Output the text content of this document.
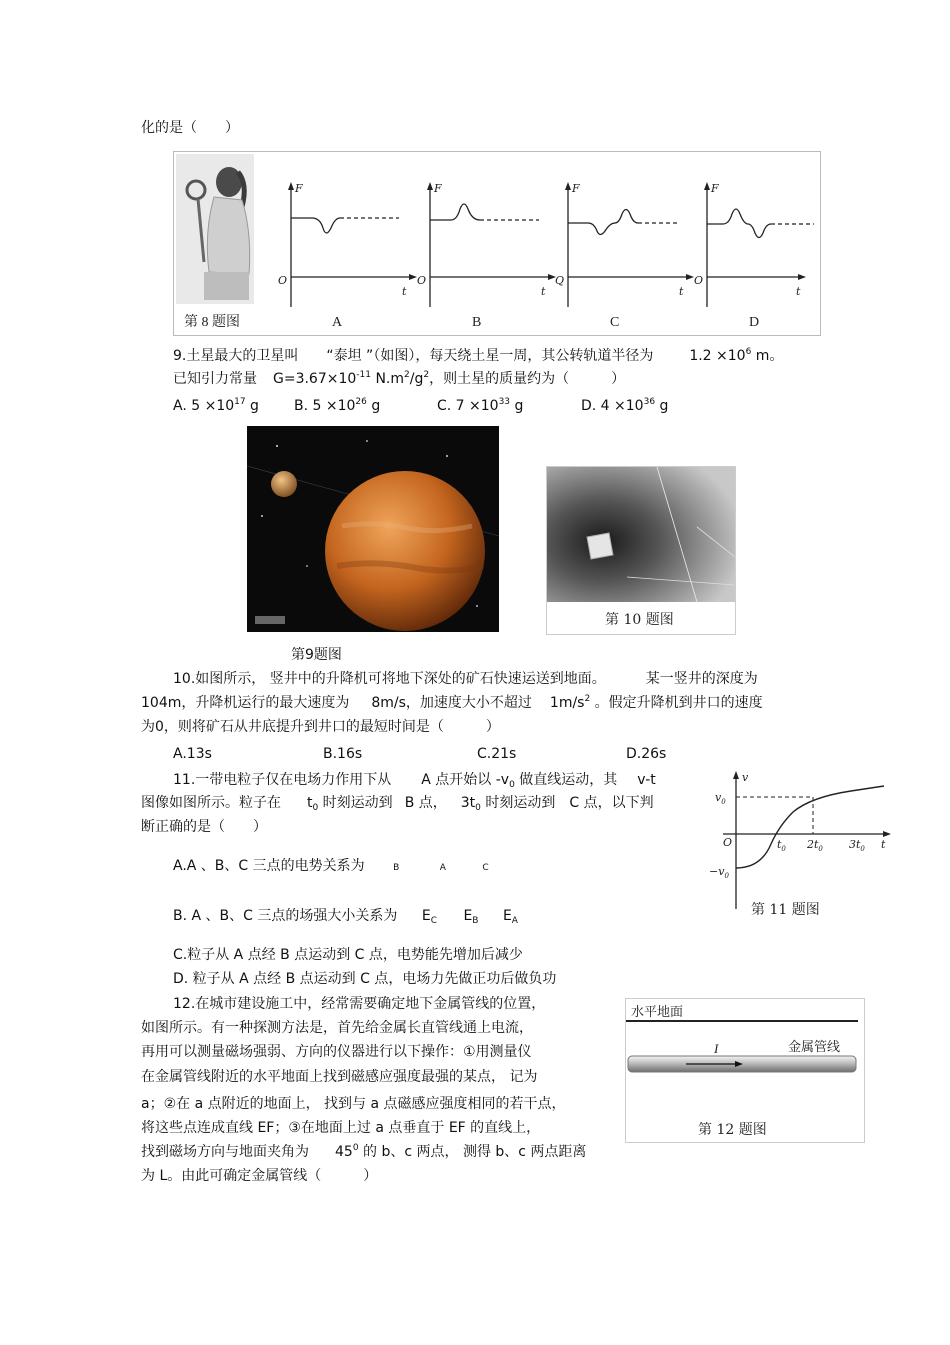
化的是（　　）
第 8 题图
F
O
t
F
O
t
F
Q
t
F
O
t
A	B	C	D
9.土星最大的卫星叫 “泰坦 ”（如图），每天绕土星一周，其公转轨道半径为	$1.2 \times 10^6$ m。
已知引力常量 $G=3.67\times 10^{-11}$ $N.m^2/g^2$，则土星的质量约为（　　　）
A. $5 \times 10^{17}$ g	B. $5 \times 10^{26}$ g	C. $7 \times 10^{33}$ g	D. $4 \times 10^{36}$ g
第9题图
第 10 题图
10.如图所示， 竖井中的升降机可将地下深处的矿石快速运送到地面。	某一竖井的深度为
104m，升降机运行的最大速度为 8m/s，加速度大小不超过 $1m/s^2$ 。假定升降机到井口的速度
为0，则将矿石从井底提升到井口的最短时间是（　　　）
A.13s	B.16s	C.21s	D.26s
11.一带电粒子仅在电场力作用下从 A 点开始以 $-v_0$ 做直线运动，其 v-t
图像如图所示。粒子在 $t_0$ 时刻运动到 B 点， $3t_0$ 时刻运动到 C 点，以下判
断正确的是（　　）
A.A 、B、C 三点的电势关系为	B	A	C
B. A 、B、C 三点的场强大小关系为 $E_C$ $E_B$ $E_A$
C.粒子从 A 点经 B 点运动到 C 点，电势能先增加后减少
D. 粒子从 A 点经 B 点运动到 C 点，电场力先做正功后做负功
v
$v_0$
$-v_0$
O	$t_0$ $2t_0$ $3t_0$ t
第 11 题图
12.在城市建设施工中，经常需要确定地下金属管线的位置，
如图所示。有一种探测方法是，首先给金属长直管线通上电流，
再用可以测量磁场强弱、方向的仪器进行以下操作：①用测量仪
在金属管线附近的水平地面上找到磁感应强度最强的某点， 记为
a；②在 a 点附近的地面上， 找到与 a 点磁感应强度相同的若干点，
将这些点连成直线 EF；③在地面上过 a 点垂直于 EF 的直线上，
找到磁场方向与地面夹角为 $45^0$ 的 b、c 两点， 测得 b、c 两点距离
为 L。由此可确定金属管线（　　　）
水平地面
I	金属管线
第 12 题图
